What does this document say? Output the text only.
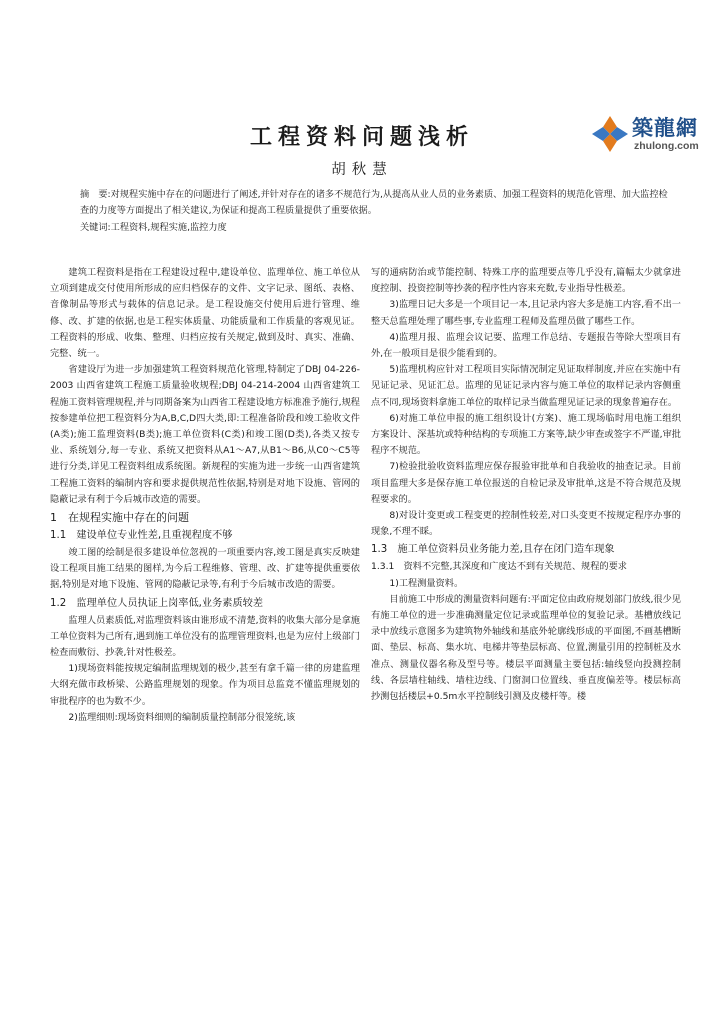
築龍網
zhulong.com
工程资料问题浅析
胡秋慧

摘　要:对规程实施中存在的问题进行了阐述,并针对存在的诸多不规范行为,从提高从业人员的业务素质、加强工程资料的规范化管理、加大监控检查的力度等方面提出了相关建议,为保证和提高工程质量提供了重要依据。

关键词:工程资料,规程实施,监控力度

建筑工程资料是指在工程建设过程中,建设单位、监理单位、施工单位从立项到建成交付使用所形成的应归档保存的文件、文字记录、图纸、表格、音像制品等形式与载体的信息记录。是工程设施交付使用后进行管理、维修、改、扩建的依据,也是工程实体质量、功能质量和工作质量的客观见证。工程资料的形成、收集、整理、归档应按有关规定,做到及时、真实、准确、完整、统一。

省建设厅为进一步加强建筑工程资料规范化管理,特制定了DBJ 04-226-2003 山西省建筑工程施工质量验收规程;DBJ 04-214-2004 山西省建筑工程施工资料管理规程,并与同期备案为山西省工程建设地方标准准予施行,规程按参建单位把工程资料分为A,B,C,D四大类,即:工程准备阶段和竣工验收文件(A类);施工监理资料(B类);施工单位资料(C类)和竣工图(D类),各类又按专业、系统划分,每一专业、系统又把资料从A1～A7,从B1～B6,从C0～C5等进行分类,详见工程资料组成系统图。新规程的实施为进一步统一山西省建筑工程施工资料的编制内容和要求提供规范性依据,特别是对地下设施、管网的隐蔽记录有利于今后城市改造的需要。

1　在规程实施中存在的问题
1.1　建设单位专业性差,且重视程度不够

竣工图的绘制是很多建设单位忽视的一项重要内容,竣工图是真实反映建设工程项目施工结果的图样,为今后工程维修、管理、改、扩建等提供重要依据,特别是对地下设施、管网的隐蔽记录等,有利于今后城市改造的需要。

1.2　监理单位人员执证上岗率低,业务素质较差

监理人员素质低,对监理资料该由谁形成不清楚,资料的收集大部分是拿施工单位资料为己所有,遇到施工单位没有的监理管理资料,也是为应付上级部门检查而敷衍、抄袭,针对性极差。

1)现场资料能按规定编制监理规划的极少,甚至有拿千篇一律的房建监理大纲充做市政桥梁、公路监理规划的现象。作为项目总监竟不懂监理规划的审批程序的也为数不少。

2)监理细则:现场资料细则的编制质量控制部分很笼统,该

写的通病防治或节能控制、特殊工序的监理要点等几乎没有,篇幅太少就拿进度控制、投资控制等抄袭的程序性内容来充数,专业指导性极差。

3)监理日记大多是一个项目记一本,且记录内容大多是施工内容,看不出一整天总监理处理了哪些事,专业监理工程师及监理员做了哪些工作。

4)监理月报、监理会议记要、监理工作总结、专题报告等除大型项目有外,在一般项目是很少能看到的。

5)监理机构应针对工程项目实际情况制定见证取样制度,并应在实施中有见证记录、见证汇总。监理的见证记录内容与施工单位的取样记录内容侧重点不同,现场资料拿施工单位的取样记录当做监理见证记录的现象普遍存在。

6)对施工单位申报的施工组织设计(方案)、施工现场临时用电施工组织方案设计、深基坑或特种结构的专项施工方案等,缺少审查或签字不严谨,审批程序不规范。

7)检验批验收资料监理应保存报验审批单和自我验收的抽查记录。目前项目监理大多是保存施工单位报送的自检记录及审批单,这是不符合规范及规程要求的。

8)对设计变更或工程变更的控制性较差,对口头变更不按规定程序办事的现象,不理不睬。

1.3　施工单位资料员业务能力差,且存在闭门造车现象
1.3.1　资料不完整,其深度和广度达不到有关规范、规程的要求

1)工程测量资料。

目前施工中形成的测量资料问题有:平面定位由政府规划部门放线,很少见有施工单位的进一步准确测量定位记录或监理单位的复验记录。基槽放线记录中放线示意图多为建筑物外轴线和基底外轮廓线形成的平面图,不画基槽断面、垫层、标高、集水坑、电梯井等垫层标高、位置,测量引用的控制桩及水准点、测量仪器名称及型号等。楼层平面测量主要包括:轴线竖向投测控制线、各层墙柱轴线、墙柱边线、门窗洞口位置线、垂直度偏差等。楼层标高抄测包括楼层+0.5m水平控制线引测及皮楼杆等。楼
